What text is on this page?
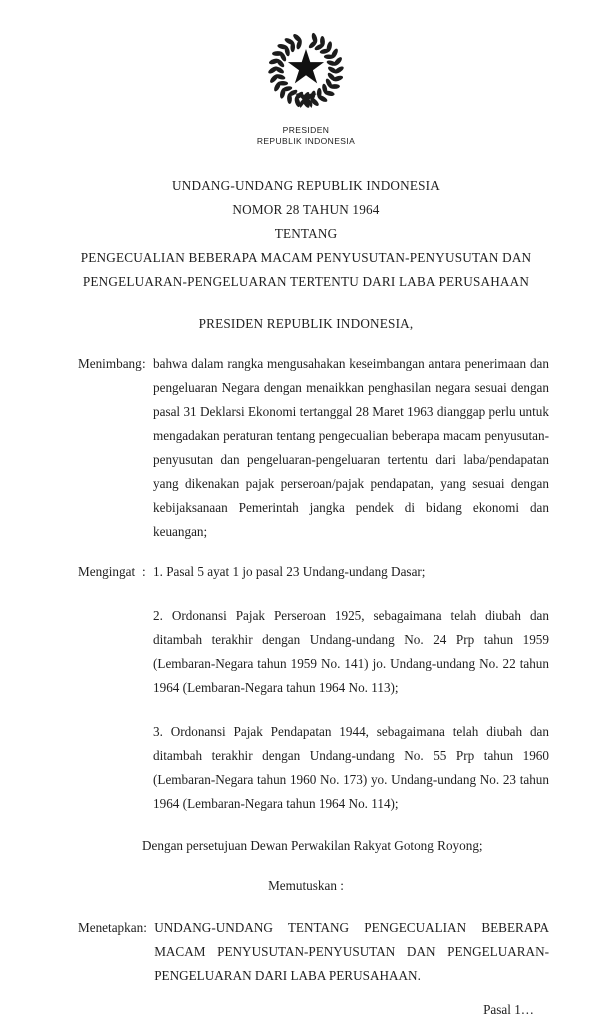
PRESIDEN
REPUBLIK INDONESIA
UNDANG-UNDANG REPUBLIK INDONESIA
NOMOR 28 TAHUN 1964
TENTANG
PENGECUALIAN BEBERAPA MACAM PENYUSUTAN-PENYUSUTAN DAN
PENGELUARAN-PENGELUARAN TERTENTU DARI LABA PERUSAHAAN
PRESIDEN REPUBLIK INDONESIA,
Menimbang : bahwa dalam rangka mengusahakan keseimbangan antara penerimaan dan pengeluaran Negara dengan menaikkan penghasilan negara sesuai dengan pasal 31 Deklarsi Ekonomi tertanggal 28 Maret 1963 dianggap perlu untuk mengadakan peraturan tentang pengecualian beberapa macam penyusutan-penyusutan dan pengeluaran-pengeluaran tertentu dari laba/pendapatan yang dikenakan pajak perseroan/pajak pendapatan, yang sesuai dengan kebijaksanaan Pemerintah jangka pendek di bidang ekonomi dan keuangan;

Mengingat : 1. Pasal 5 ayat 1 jo pasal 23 Undang-undang Dasar;

2. Ordonansi Pajak Perseroan 1925, sebagaimana telah diubah dan ditambah terakhir dengan Undang-undang No. 24 Prp tahun 1959 (Lembaran-Negara tahun 1959 No. 141) jo. Undang-undang No. 22 tahun 1964 (Lembaran-Negara tahun 1964 No. 113);

3. Ordonansi Pajak Pendapatan 1944, sebagaimana telah diubah dan ditambah terakhir dengan Undang-undang No. 55 Prp tahun 1960 (Lembaran-Negara tahun 1960 No. 173) yo. Undang-undang No. 23 tahun 1964 (Lembaran-Negara tahun 1964 No. 114);

Dengan persetujuan Dewan Perwakilan Rakyat Gotong Royong;
Memutuskan :
Menetapkan : UNDANG-UNDANG TENTANG PENGECUALIAN BEBERAPA MACAM PENYUSUTAN-PENYUSUTAN DAN PENGELUARAN-PENGELUARAN DARI LABA PERUSAHAAN.

Pasal 1…
